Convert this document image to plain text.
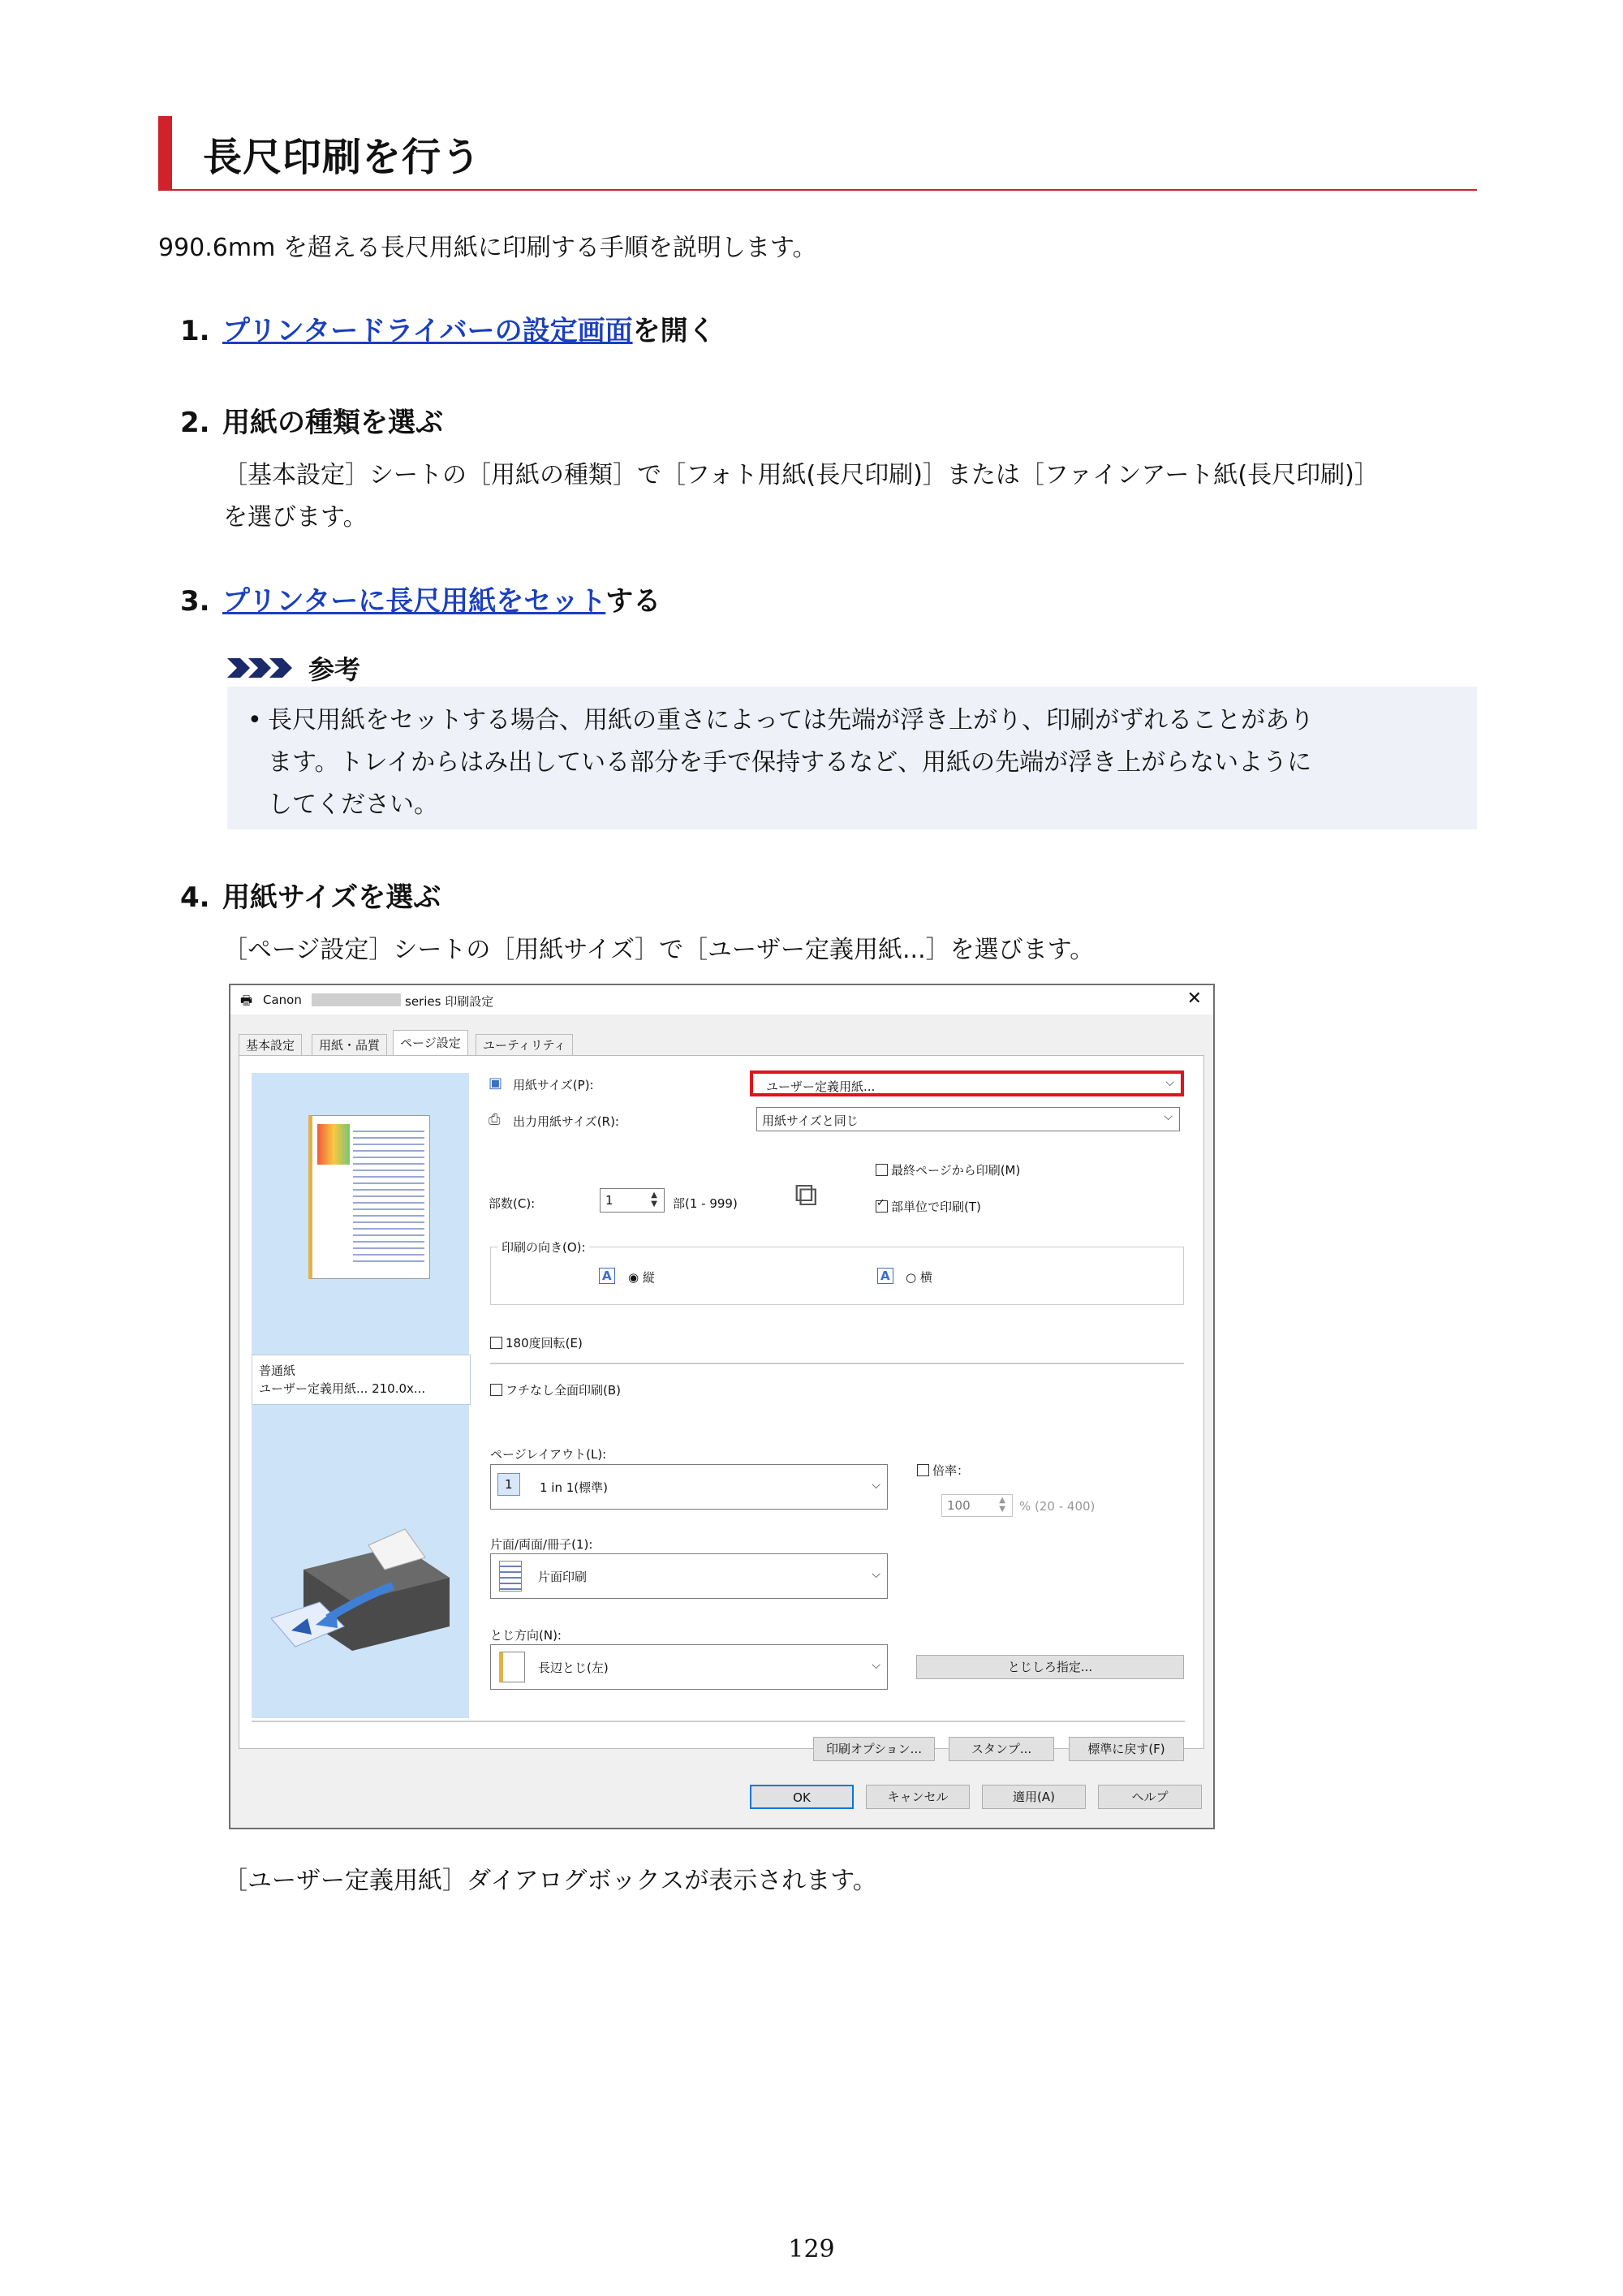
長尺印刷を行う
990.6mm を超える長尺用紙に印刷する手順を説明します。
1. プリンタードライバーの設定画面を開く
2. 用紙の種類を選ぶ
［基本設定］シートの［用紙の種類］で［フォト用紙(長尺印刷)］または［ファインアート紙(長尺印刷)］
を選びます。
3. プリンターに長尺用紙をセットする
参考
• 長尺用紙をセットする場合、用紙の重さによっては先端が浮き上がり、印刷がずれることがあり
ます。トレイからはみ出している部分を手で保持するなど、用紙の先端が浮き上がらないように
してください。
4. 用紙サイズを選ぶ
［ページ設定］シートの［用紙サイズ］で［ユーザー定義用紙...］を選びます。
🖶 Canon	series 印刷設定	✕
基本設定	用紙・品質	ページ設定	ユーティリティ
普通紙
ユーザー定義用紙... 210.0x...
▣ 用紙サイズ(P):	ユーザー定義用紙...	⌵
⎙ 出力用紙サイズ(R):	用紙サイズと同じ	⌵
部数(C):	1	▲
▼ 部(1 - 999) ⧉
最終ページから印刷(M)
✓部単位で印刷(T)
印刷の向き(O):
A ◉ 縦	A ○ 横
180度回転(E)
フチなし全面印刷(B)
ページレイアウト(L):
1	1 in 1(標準)	⌵
倍率：
100	▲
▼ % (20 - 400)
片面/両面/冊子(1):
片面印刷	⌵
とじ方向(N):
長辺とじ(左)	⌵	とじしろ指定...
印刷オプション...	スタンプ...	標準に戻す(F)
OK	キャンセル	適用(A)	ヘルプ
［ユーザー定義用紙］ダイアログボックスが表示されます。
129
